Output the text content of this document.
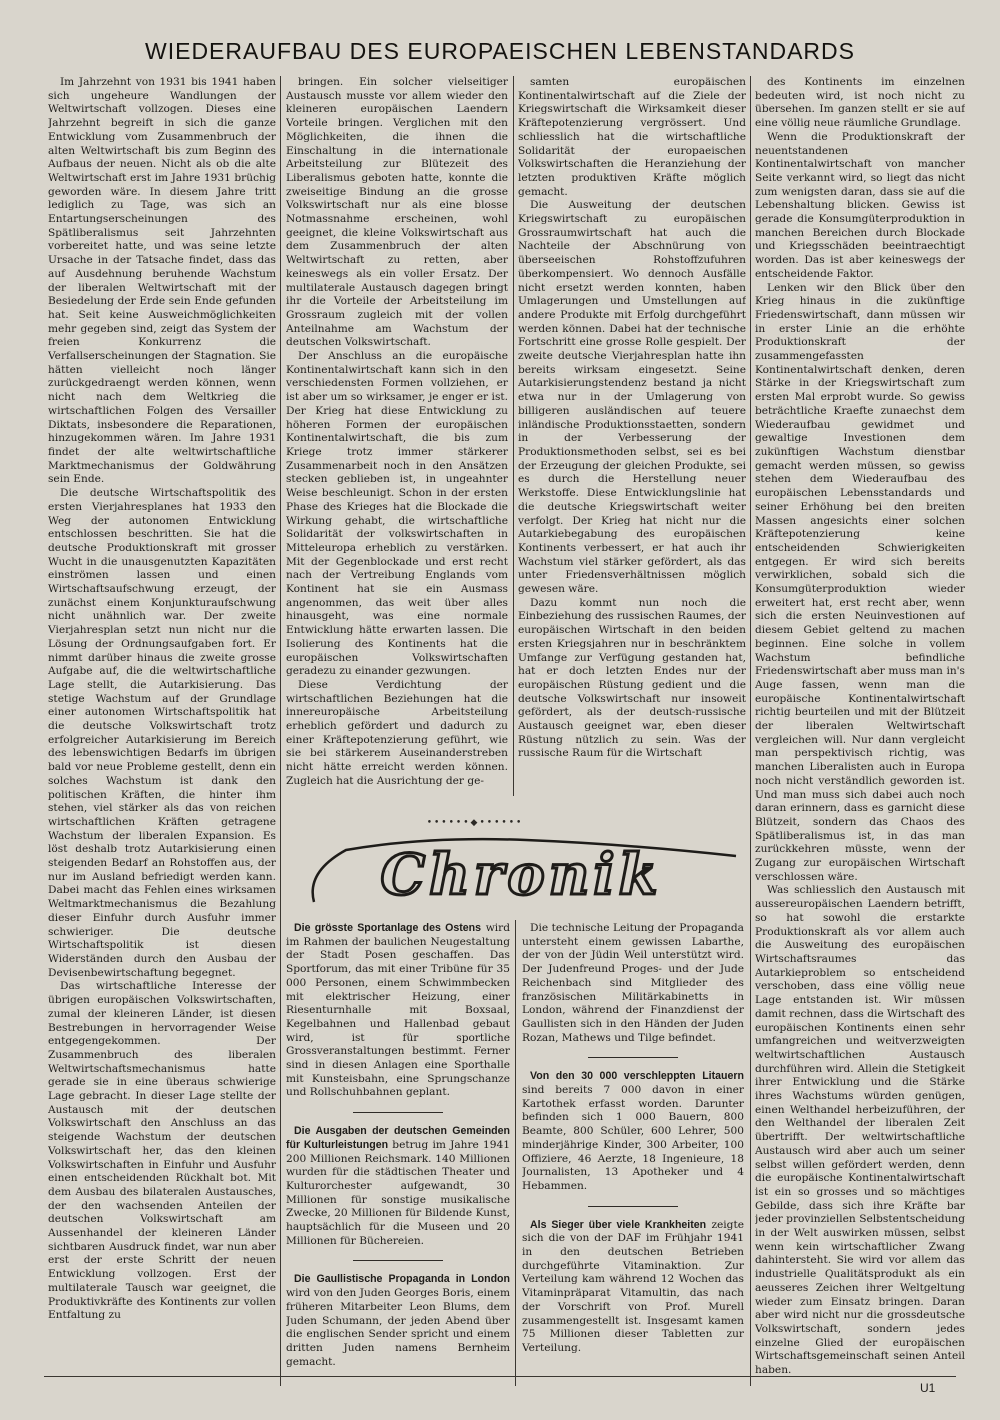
WIEDERAUFBAU DES EUROPAEISCHEN LEBENSTANDARDS

Im Jahrzehnt von 1931 bis 1941 haben sich ungeheure Wandlungen der Weltwirtschaft vollzogen. Dieses eine Jahrzehnt begreift in sich die ganze Entwicklung vom Zusammenbruch der alten Weltwirtschaft bis zum Beginn des Aufbaus der neuen. Nicht als ob die alte Weltwirtschaft erst im Jahre 1931 brüchig geworden wäre. In diesem Jahre tritt lediglich zu Tage, was sich an Entartungserscheinungen des Spätliberalismus seit Jahrzehnten vorbereitet hatte, und was seine letzte Ursache in der Tatsache findet, dass das auf Ausdehnung beruhende Wachstum der liberalen Weltwirtschaft mit der Besiedelung der Erde sein Ende gefunden hat. Seit keine Ausweichmöglichkeiten mehr gegeben sind, zeigt das System der freien Konkurrenz die Verfallserscheinungen der Stagnation. Sie hätten vielleicht noch länger zurückgedraengt werden können, wenn nicht nach dem Weltkrieg die wirtschaftlichen Folgen des Versailler Diktats, insbesondere die Reparationen, hinzugekommen wären. Im Jahre 1931 findet der alte weltwirtschaftliche Marktmechanismus der Goldwährung sein Ende.

Die deutsche Wirtschaftspolitik des ersten Vierjahresplanes hat 1933 den Weg der autonomen Entwicklung entschlossen beschritten. Sie hat die deutsche Produktionskraft mit grosser Wucht in die unausgenutzten Kapazitäten einströmen lassen und einen Wirtschaftsaufschwung erzeugt, der zunächst einem Konjunkturaufschwung nicht unähnlich war. Der zweite Vierjahresplan setzt nun nicht nur die Lösung der Ordnungsaufgaben fort. Er nimmt darüber hinaus die zweite grosse Aufgabe auf, die die weltwirtschaftliche Lage stellt, die Autarkisierung. Das stetige Wachstum auf der Grundlage einer autonomen Wirtschaftspolitik hat die deutsche Volkswirtschaft trotz erfolgreicher Autarkisierung im Bereich des lebenswichtigen Bedarfs im übrigen bald vor neue Probleme gestellt, denn ein solches Wachstum ist dank den politischen Kräften, die hinter ihm stehen, viel stärker als das von reichen wirtschaftlichen Kräften getragene Wachstum der liberalen Expansion. Es löst deshalb trotz Autarkisierung einen steigenden Bedarf an Rohstoffen aus, der nur im Ausland befriedigt werden kann. Dabei macht das Fehlen eines wirksamen Weltmarktmechanismus die Bezahlung dieser Einfuhr durch Ausfuhr immer schwieriger. Die deutsche Wirtschaftspolitik ist diesen Widerständen durch den Ausbau der Devisenbewirtschaftung begegnet.

Das wirtschaftliche Interesse der übrigen europäischen Volkswirtschaften, zumal der kleineren Länder, ist diesen Bestrebungen in hervorragender Weise entgegengekommen. Der Zusammenbruch des liberalen Weltwirtschaftsmechanismus hatte gerade sie in eine überaus schwierige Lage gebracht. In dieser Lage stellte der Austausch mit der deutschen Volkswirtschaft den Anschluss an das steigende Wachstum der deutschen Volkswirtschaft her, das den kleinen Volkswirtschaften in Einfuhr und Ausfuhr einen entscheidenden Rückhalt bot. Mit dem Ausbau des bilateralen Austausches, der den wachsenden Anteilen der deutschen Volkswirtschaft am Aussenhandel der kleineren Länder sichtbaren Ausdruck findet, war nun aber erst der erste Schritt der neuen Entwicklung vollzogen. Erst der multilaterale Tausch war geeignet, die Produktivkräfte des Kontinents zur vollen Entfaltung zu

bringen. Ein solcher vielseitiger Austausch musste vor allem wieder den kleineren europäischen Laendern Vorteile bringen. Verglichen mit den Möglichkeiten, die ihnen die Einschaltung in die internationale Arbeitsteilung zur Blütezeit des Liberalismus geboten hatte, konnte die zweiseitige Bindung an die grosse Volkswirtschaft nur als eine blosse Notmassnahme erscheinen, wohl geeignet, die kleine Volkswirtschaft aus dem Zusammenbruch der alten Weltwirtschaft zu retten, aber keineswegs als ein voller Ersatz. Der multilaterale Austausch dagegen bringt ihr die Vorteile der Arbeitsteilung im Grossraum zugleich mit der vollen Anteilnahme am Wachstum der deutschen Volkswirtschaft.

Der Anschluss an die europäische Kontinentalwirtschaft kann sich in den verschiedensten Formen vollziehen, er ist aber um so wirksamer, je enger er ist. Der Krieg hat diese Entwicklung zu höheren Formen der europäischen Kontinentalwirtschaft, die bis zum Kriege trotz immer stärkerer Zusammenarbeit noch in den Ansätzen stecken geblieben ist, in ungeahnter Weise beschleunigt. Schon in der ersten Phase des Krieges hat die Blockade die Wirkung gehabt, die wirtschaftliche Solidarität der volkswirtschaften in Mitteleuropa erheblich zu verstärken. Mit der Gegenblockade und erst recht nach der Vertreibung Englands vom Kontinent hat sie ein Ausmass angenommen, das weit über alles hinausgeht, was eine normale Entwicklung hätte erwarten lassen. Die Isolierung des Kontinents hat die europäischen Volkswirtschaften geradezu zu einander gezwungen.

Diese Verdichtung der wirtschaftlichen Beziehungen hat die innereuropäische Arbeitsteilung erheblich gefördert und dadurch zu einer Kräftepotenzierung geführt, wie sie bei stärkerem Auseinanderstreben nicht hätte erreicht werden können. Zugleich hat die Ausrichtung der ge-

samten europäischen Kontinentalwirtschaft auf die Ziele der Kriegswirtschaft die Wirksamkeit dieser Kräftepotenzierung vergrössert. Und schliesslich hat die wirtschaftliche Solidarität der europaeischen Volkswirtschaften die Heranziehung der letzten produktiven Kräfte möglich gemacht.

Die Ausweitung der deutschen Kriegswirtschaft zu europäischen Grossraumwirtschaft hat auch die Nachteile der Abschnürung von überseeischen Rohstoffzufuhren überkompensiert. Wo dennoch Ausfälle nicht ersetzt werden konnten, haben Umlagerungen und Umstellungen auf andere Produkte mit Erfolg durchgeführt werden können. Dabei hat der technische Fortschritt eine grosse Rolle gespielt. Der zweite deutsche Vierjahresplan hatte ihn bereits wirksam eingesetzt. Seine Autarkisierungstendenz bestand ja nicht etwa nur in der Umlagerung von billigeren ausländischen auf teuere inländische Produktionsstaetten, sondern in der Verbesserung der Produktionsmethoden selbst, sei es bei der Erzeugung der gleichen Produkte, sei es durch die Herstellung neuer Werkstoffe. Diese Entwicklungslinie hat die deutsche Kriegswirtschaft weiter verfolgt. Der Krieg hat nicht nur die Autarkiebegabung des europäischen Kontinents verbessert, er hat auch ihr Wachstum viel stärker gefördert, als das unter Friedensverhältnissen möglich gewesen wäre.

Dazu kommt nun noch die Einbeziehung des russischen Raumes, der europäischen Wirtschaft in den beiden ersten Kriegsjahren nur in beschränktem Umfange zur Verfügung gestanden hat, hat er doch letzten Endes nur der europäischen Rüstung gedient und die deutsche Volkswirtschaft nur insoweit gefördert, als der deutsch-russische Austausch geeignet war, eben dieser Rüstung nützlich zu sein. Was der russische Raum für die Wirtschaft

des Kontinents im einzelnen bedeuten wird, ist noch nicht zu übersehen. Im ganzen stellt er sie auf eine völlig neue räumliche Grundlage.

Wenn die Produktionskraft der neuentstandenen Kontinentalwirtschaft von mancher Seite verkannt wird, so liegt das nicht zum wenigsten daran, dass sie auf die Lebenshaltung blicken. Gewiss ist gerade die Konsumgüterproduktion in manchen Bereichen durch Blockade und Kriegsschäden beeintraechtigt worden. Das ist aber keineswegs der entscheidende Faktor.

Lenken wir den Blick über den Krieg hinaus in die zukünftige Friedenswirtschaft, dann müssen wir in erster Linie an die erhöhte Produktionskraft der zusammengefassten Kontinentalwirtschaft denken, deren Stärke in der Kriegswirtschaft zum ersten Mal erprobt wurde. So gewiss beträchtliche Kraefte zunaechst dem Wiederaufbau gewidmet und gewaltige Investionen dem zukünftigen Wachstum dienstbar gemacht werden müssen, so gewiss stehen dem Wiederaufbau des europäischen Lebensstandards und seiner Erhöhung bei den breiten Massen angesichts einer solchen Kräftepotenzierung keine entscheidenden Schwierigkeiten entgegen. Er wird sich bereits verwirklichen, sobald sich die Konsumgüterproduktion wieder erweitert hat, erst recht aber, wenn sich die ersten Neuinvestionen auf diesem Gebiet geltend zu machen beginnen. Eine solche in vollem Wachstum befindliche Friedenswirtschaft aber muss man in's Auge fassen, wenn man die europäische Kontinentalwirtschaft richtig beurteilen und mit der Blützeit der liberalen Weltwirtschaft vergleichen will. Nur dann vergleicht man perspektivisch richtig, was manchen Liberalisten auch in Europa noch nicht verständlich geworden ist. Und man muss sich dabei auch noch daran erinnern, dass es garnicht diese Blützeit, sondern das Chaos des Spätliberalismus ist, in das man zurückkehren müsste, wenn der Zugang zur europäischen Wirtschaft verschlossen wäre.

Was schliesslich den Austausch mit aussereuropäischen Laendern betrifft, so hat sowohl die erstarkte Produktionskraft als vor allem auch die Ausweitung des europäischen Wirtschaftsraumes das Autarkieproblem so entscheidend verschoben, dass eine völlig neue Lage entstanden ist. Wir müssen damit rechnen, dass die Wirtschaft des europäischen Kontinents einen sehr umfangreichen und weitverzweigten weltwirtschaftlichen Austausch durchführen wird. Allein die Stetigkeit ihrer Entwicklung und die Stärke ihres Wachstums würden genügen, einen Welthandel herbeizuführen, der den Welthandel der liberalen Zeit übertrifft. Der weltwirtschaftliche Austausch wird aber auch um seiner selbst willen gefördert werden, denn die europäische Kontinentalwirtschaft ist ein so grosses und so mächtiges Gebilde, dass sich ihre Kräfte bar jeder provinziellen Selbstentscheidung in der Welt auswirken müssen, selbst wenn kein wirtschaftlicher Zwang dahintersteht. Sie wird vor allem das industrielle Qualitätsprodukt als ein aeusseres Zeichen ihrer Weltgeltung wieder zum Einsatz bringen. Daran aber wird nicht nur die grossdeutsche Volkswirtschaft, sondern jedes einzelne Glied der europäischen Wirtschaftsgemeinschaft seinen Anteil haben.

••••••◆••••••
Chronik

Die grösste Sportanlage des Ostens wird im Rahmen der baulichen Neugestaltung der Stadt Posen geschaffen. Das Sportforum, das mit einer Tribüne für 35 000 Personen, einem Schwimmbecken mit elektrischer Heizung, einer Riesenturnhalle mit Boxsaal, Kegelbahnen und Hallenbad gebaut wird, ist für sportliche Grossveranstaltungen bestimmt. Ferner sind in diesen Anlagen eine Sporthalle mit Kunsteisbahn, eine Sprungschanze und Rollschuhbahnen geplant.

Die Ausgaben der deutschen Gemeinden für Kulturleistungen betrug im Jahre 1941 200 Millionen Reichsmark. 140 Millionen wurden für die städtischen Theater und Kulturorchester aufgewandt, 30 Millionen für sonstige musikalische Zwecke, 20 Millionen für Bildende Kunst, hauptsächlich für die Museen und 20 Millionen für Büchereien.

Die Gaullistische Propaganda in London wird von den Juden Georges Boris, einem früheren Mitarbeiter Leon Blums, dem Juden Schumann, der jeden Abend über die englischen Sender spricht und einem dritten Juden namens Bernheim gemacht.

Die technische Leitung der Propaganda untersteht einem gewissen Labarthe, der von der Jüdin Weil unterstützt wird. Der Judenfreund Proges- und der Jude Reichenbach sind Mitglieder des französischen Militärkabinetts in London, während der Finanzdienst der Gaullisten sich in den Händen der Juden Rozan, Mathews und Tilge befindet.

Von den 30 000 verschleppten Litauern sind bereits 7 000 davon in einer Kartothek erfasst worden. Darunter befinden sich 1 000 Bauern, 800 Beamte, 800 Schüler, 600 Lehrer, 500 minderjährige Kinder, 300 Arbeiter, 100 Offiziere, 46 Aerzte, 18 Ingenieure, 18 Journalisten, 13 Apotheker und 4 Hebammen.

Als Sieger über viele Krankheiten zeigte sich die von der DAF im Frühjahr 1941 in den deutschen Betrieben durchgeführte Vitaminaktion. Zur Verteilung kam während 12 Wochen das Vitaminpräparat Vitamultin, das nach der Vorschrift von Prof. Murell zusammengestellt ist. Insgesamt kamen 75 Millionen dieser Tabletten zur Verteilung.

U1
